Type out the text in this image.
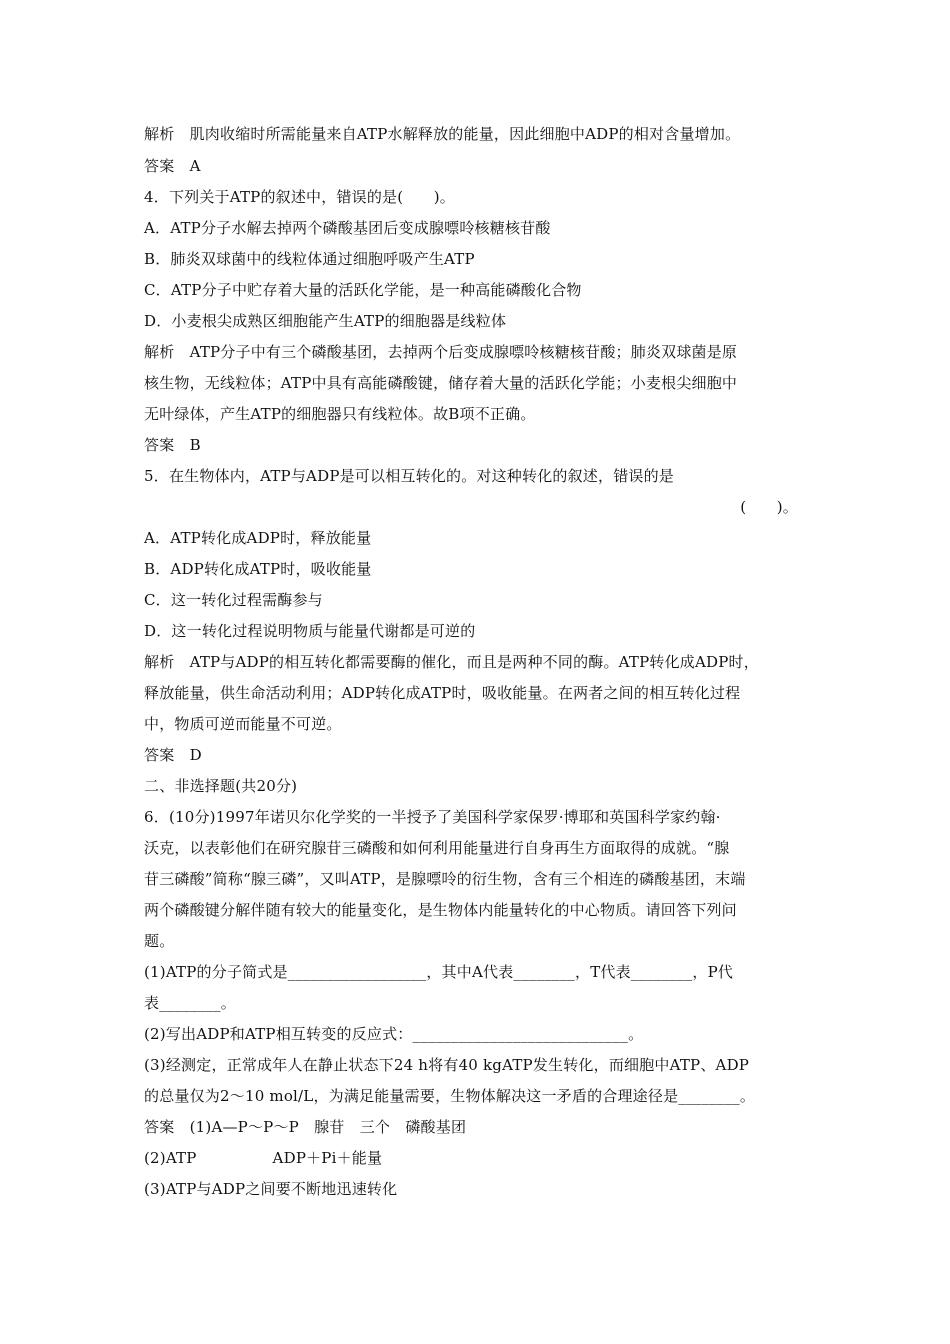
解析　肌肉收缩时所需能量来自ATP水解释放的能量，因此细胞中ADP的相对含量增加。
答案　A
4．下列关于ATP的叙述中，错误的是(　　)。
A．ATP分子水解去掉两个磷酸基团后变成腺嘌呤核糖核苷酸
B．肺炎双球菌中的线粒体通过细胞呼吸产生ATP
C．ATP分子中贮存着大量的活跃化学能，是一种高能磷酸化合物
D．小麦根尖成熟区细胞能产生ATP的细胞器是线粒体
解析　ATP分子中有三个磷酸基团，去掉两个后变成腺嘌呤核糖核苷酸；肺炎双球菌是原
核生物，无线粒体；ATP中具有高能磷酸键，储存着大量的活跃化学能；小麦根尖细胞中
无叶绿体，产生ATP的细胞器只有线粒体。故B项不正确。
答案　B
5．在生物体内，ATP与ADP是可以相互转化的。对这种转化的叙述，错误的是
(　　)。
A．ATP转化成ADP时，释放能量
B．ADP转化成ATP时，吸收能量
C．这一转化过程需酶参与
D．这一转化过程说明物质与能量代谢都是可逆的
解析　ATP与ADP的相互转化都需要酶的催化，而且是两种不同的酶。ATP转化成ADP时，
释放能量，供生命活动利用；ADP转化成ATP时，吸收能量。在两者之间的相互转化过程
中，物质可逆而能量不可逆。
答案　D
二、非选择题(共20分)
6．(10分)1997年诺贝尔化学奖的一半授予了美国科学家保罗·博耶和英国科学家约翰·
沃克，以表彰他们在研究腺苷三磷酸和如何利用能量进行自身再生方面取得的成就。“腺
苷三磷酸”简称“腺三磷”，又叫ATP，是腺嘌呤的衍生物，含有三个相连的磷酸基团，末端
两个磷酸键分解伴随有较大的能量变化，是生物体内能量转化的中心物质。请回答下列问
题。
(1)ATP的分子简式是__________________，其中A代表________，T代表________，P代
表________。
(2)写出ADP和ATP相互转变的反应式：____________________________。
(3)经测定，正常成年人在静止状态下24 h将有40 kgATP发生转化，而细胞中ATP、ADP
的总量仅为2～10 mol/L，为满足能量需要，生物体解决这一矛盾的合理途径是________。
答案　(1)A—P～P～P　腺苷　三个　磷酸基团
(2)ATP　　　　　ADP＋Pi＋能量
(3)ATP与ADP之间要不断地迅速转化
